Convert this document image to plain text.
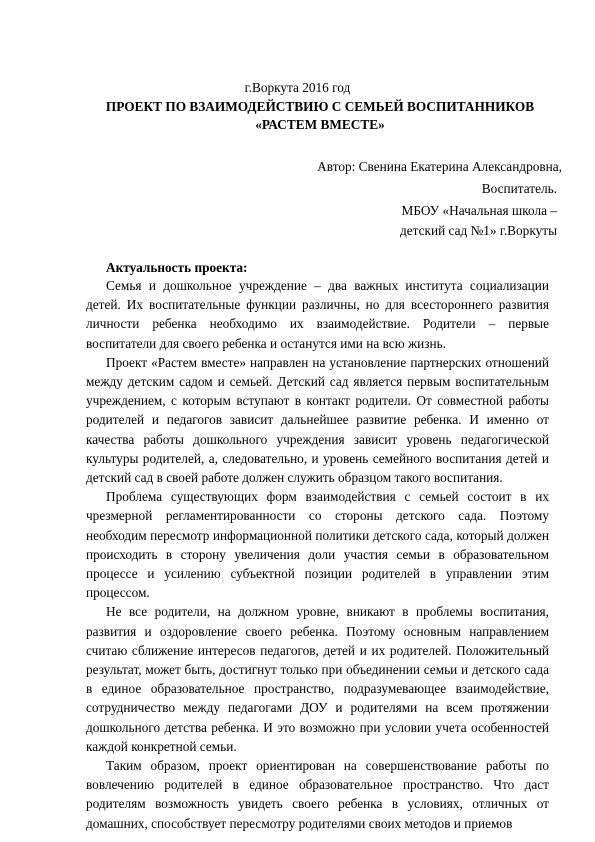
г.Воркута 2016 год
ПРОЕКТ ПО ВЗАИМОДЕЙСТВИЮ С СЕМЬЕЙ ВОСПИТАННИКОВ
«РАСТЕМ ВМЕСТЕ»
Автор: Свенина Екатерина Александровна,
Воспитатель.
МБОУ «Начальная школа –
детский сад №1» г.Воркуты
Актуальность проекта:

Семья и дошкольное учреждение – два важных института социализации детей. Их воспитательные функции различны, но для всестороннего развития личности ребенка необходимо их взаимодействие. Родители – первые воспитатели для своего ребенка и останутся ими на всю жизнь.

Проект «Растем вместе» направлен на установление партнерских отношений между детским садом и семьей. Детский сад является первым воспитательным учреждением, с которым вступают в контакт родители. От совместной работы родителей и педагогов зависит дальнейшее развитие ребенка. И именно от качества работы дошкольного учреждения зависит уровень педагогической культуры родителей, а, следовательно, и уровень семейного воспитания детей и детский сад в своей работе должен служить образцом такого воспитания.

Проблема существующих форм взаимодействия с семьей состоит в их чрезмерной регламентированности со стороны детского сада. Поэтому необходим пересмотр информационной политики детского сада, который должен происходить в сторону увеличения доли участия семьи в образовательном процессе и усилению субъектной позиции родителей в управлении этим процессом.

Не все родители, на должном уровне, вникают в проблемы воспитания, развития и оздоровление своего ребенка. Поэтому основным направлением считаю сближение интересов педагогов, детей и их родителей. Положительный результат, может быть, достигнут только при объединении семьи и детского сада в единое образовательное пространство, подразумевающее взаимодействие, сотрудничество между педагогами ДОУ и родителями на всем протяжении дошкольного детства ребенка. И это возможно при условии учета особенностей каждой конкретной семьи.

Таким образом, проект ориентирован на совершенствование работы по вовлечению родителей в единое образовательное пространство. Что даст родителям возможность увидеть своего ребенка в условиях, отличных от домашних, способствует пересмотру родителями своих методов и приемов
